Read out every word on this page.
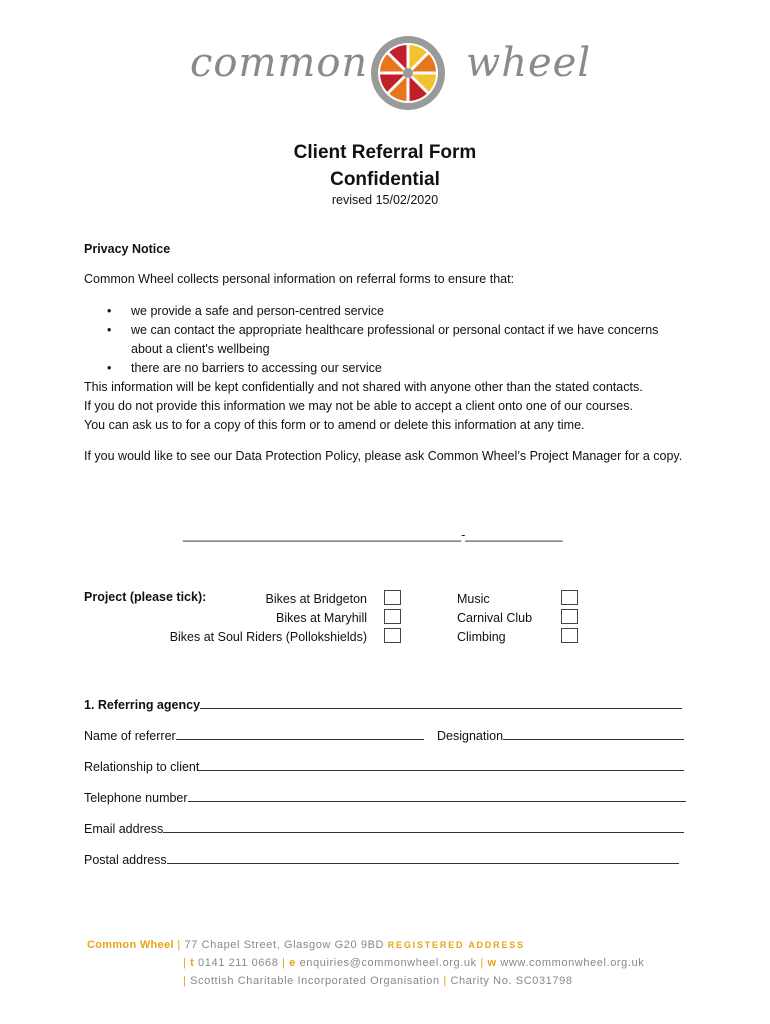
common wheel
Client Referral Form
Confidential
revised 15/02/2020
Privacy Notice
Common Wheel collects personal information on referral forms to ensure that:
• we provide a safe and person-centred service
• we can contact the appropriate healthcare professional or personal contact if we have concerns about a client's wellbeing
• there are no barriers to accessing our service
This information will be kept confidentially and not shared with anyone other than the stated contacts.
If you do not provide this information we may not be able to accept a client onto one of our courses.
You can ask us to for a copy of this form or to amend or delete this information at any time.
If you would like to see our Data Protection Policy, please ask Common Wheel’s Project Manager for a copy.
________________________________________-______________
Project (please tick):	Bikes at Bridgeton
Bikes at Maryhill
Bikes at Soul Riders (Pollokshields)
Music
Carnival Club
Climbing
1. Referring agency
Name of referrer	Designation
Relationship to client
Telephone number
Email address
Postal address
Common Wheel | 77 Chapel Street, Glasgow G20 9BD REGISTERED ADDRESS
| t 0141 211 0668 | e enquiries@commonwheel.org.uk | w www.commonwheel.org.uk
| Scottish Charitable Incorporated Organisation | Charity No. SC031798
